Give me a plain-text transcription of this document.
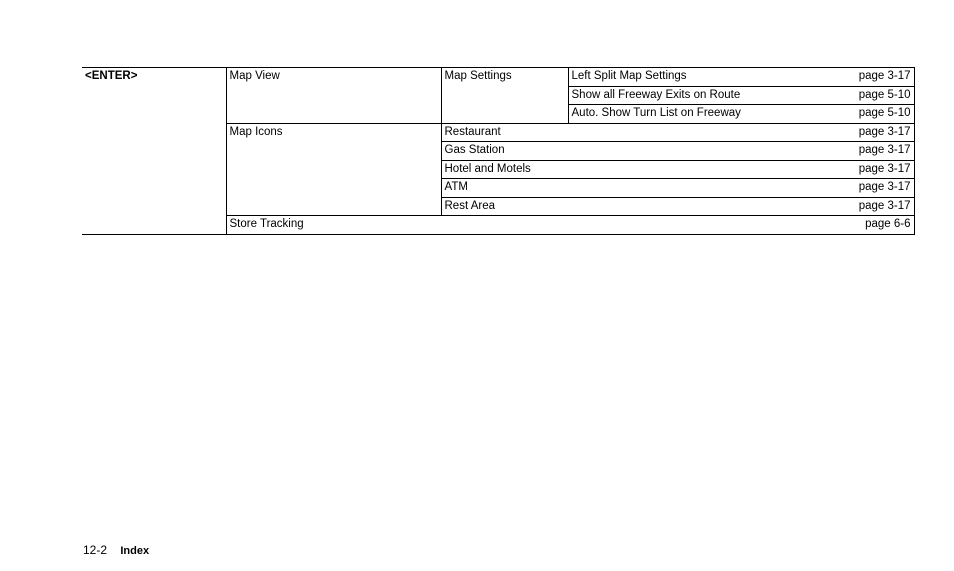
<ENTER>	Map View	Map Settings	Left Split Map Settings	page 3-17
			Show all Freeway Exits on Route	page 5-10
			Auto. Show Turn List on Freeway	page 5-10
	Map Icons	Restaurant		page 3-17
		Gas Station		page 3-17
		Hotel and Motels		page 3-17
		ATM		page 3-17
		Rest Area		page 3-17
	Store Tracking			page 6-6
12-2 Index
